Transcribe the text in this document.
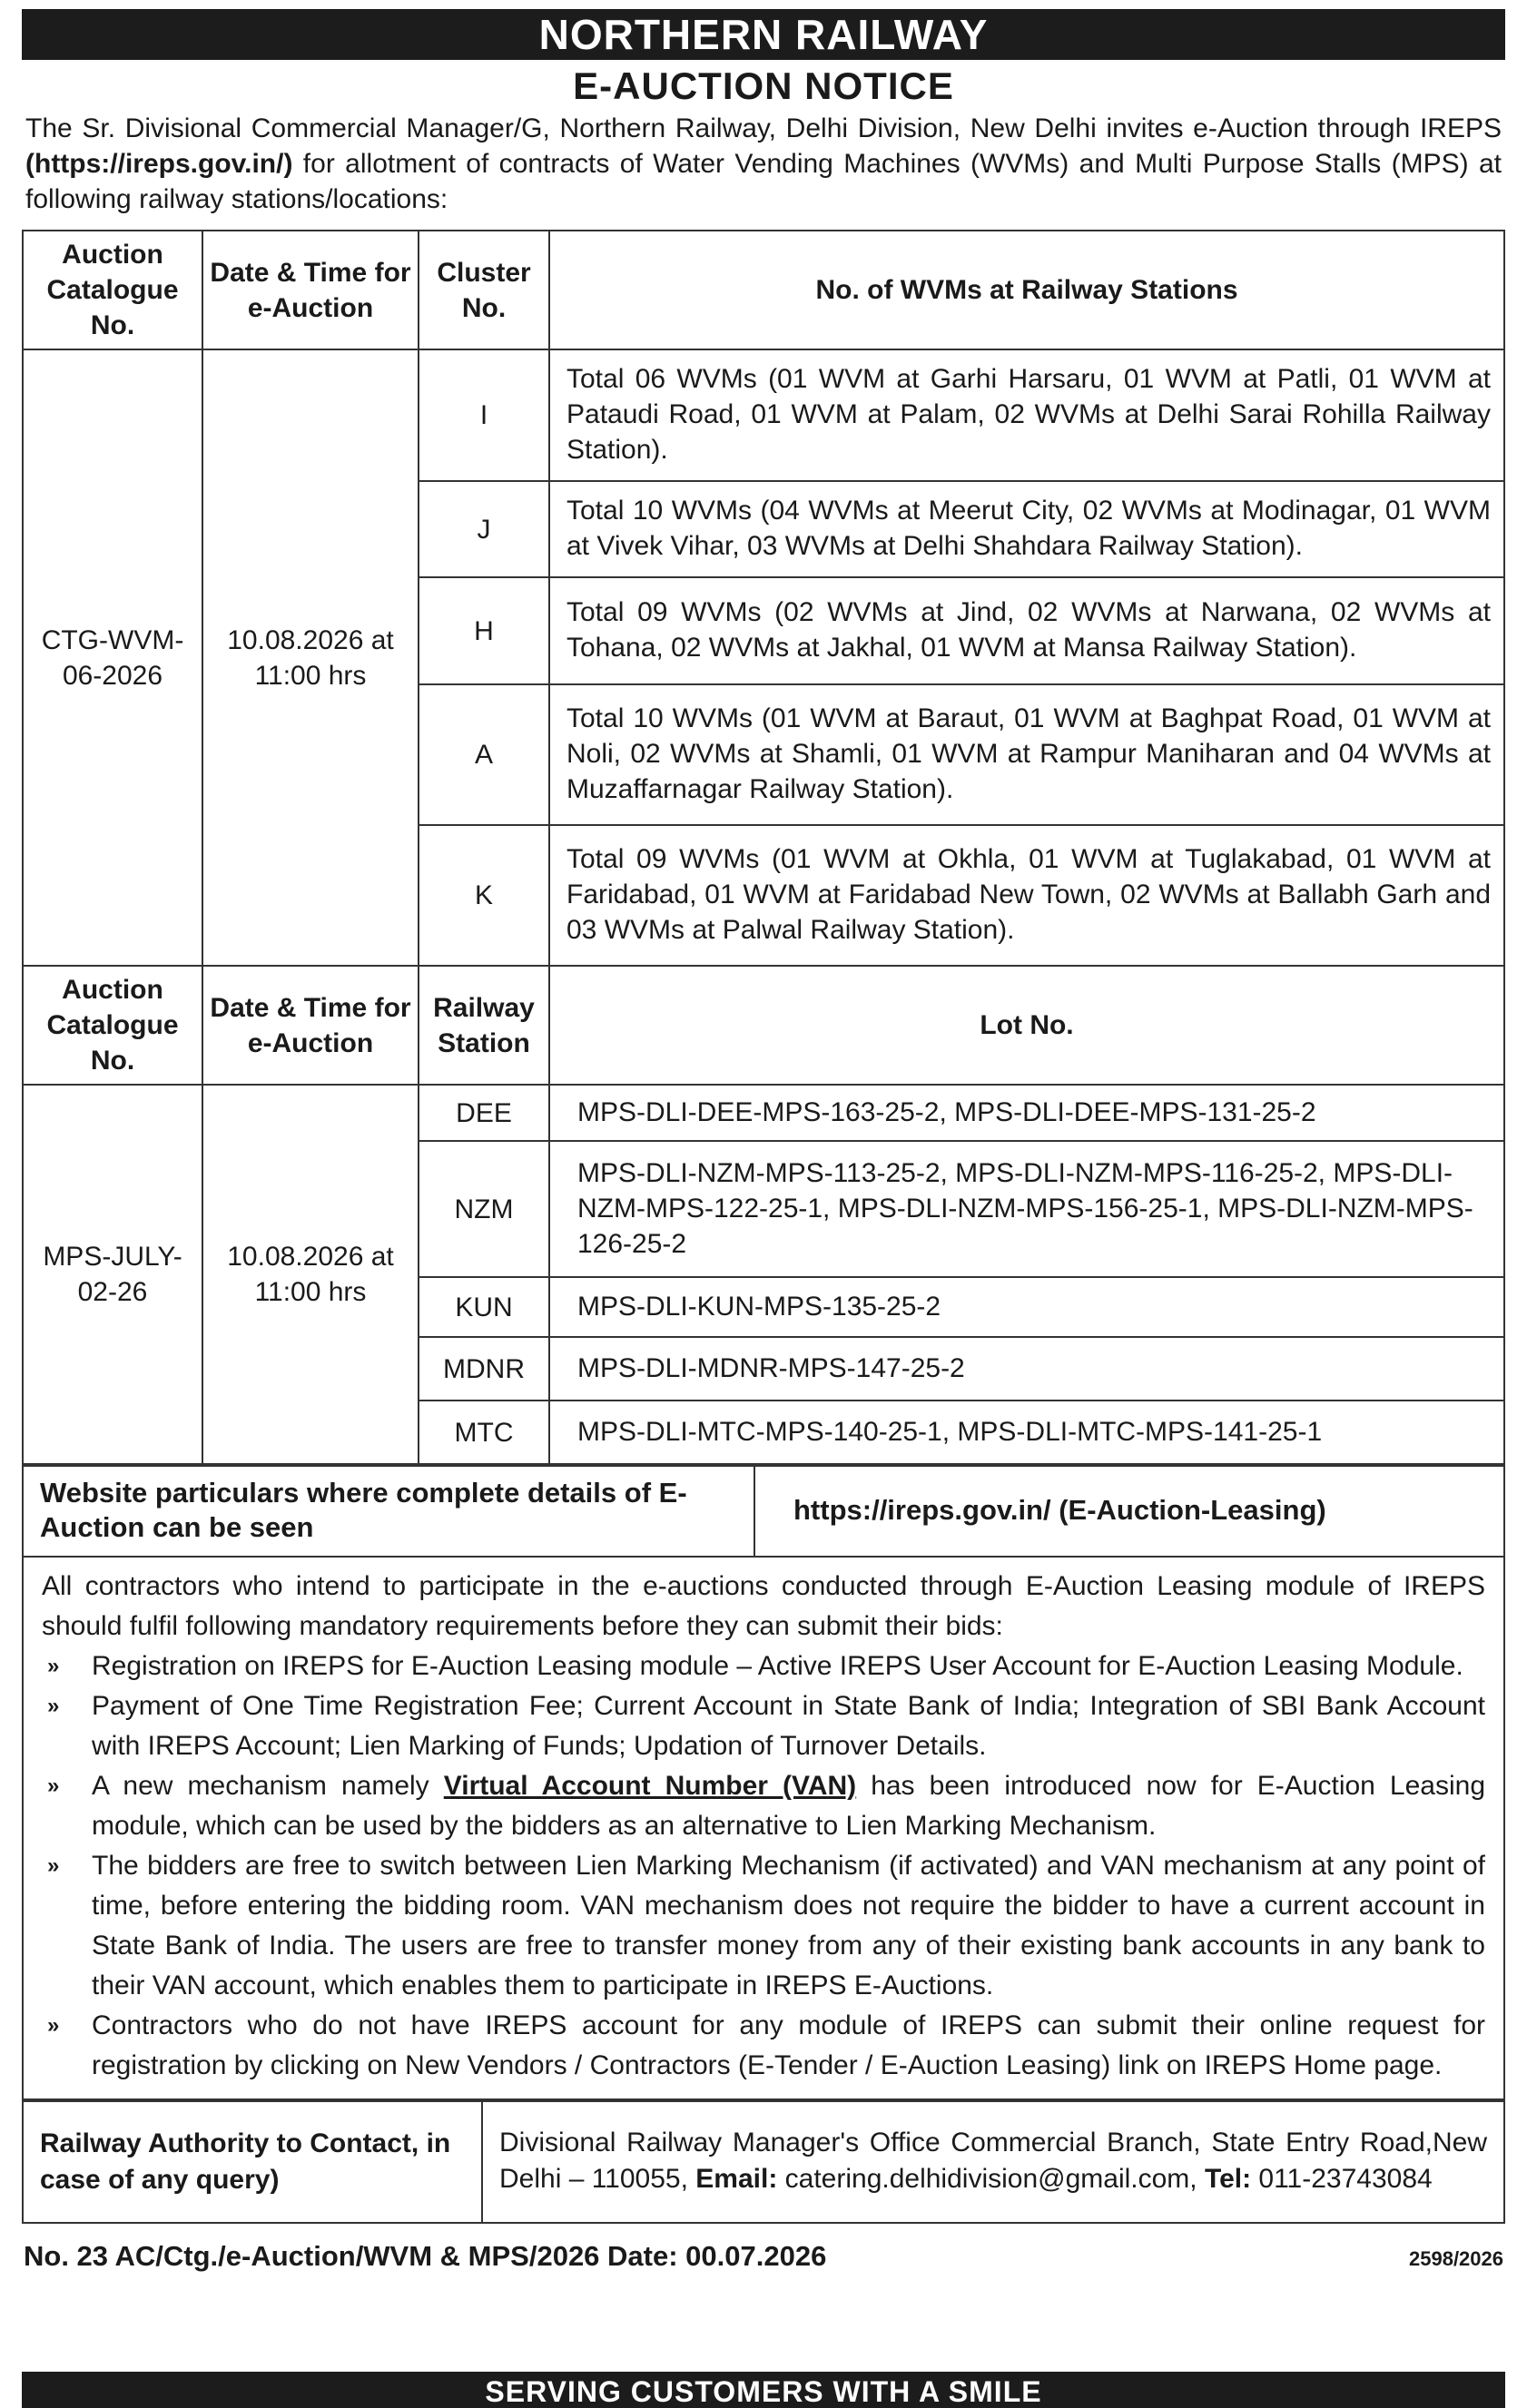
NORTHERN RAILWAY
E-AUCTION NOTICE

The Sr. Divisional Commercial Manager/G, Northern Railway, Delhi Division, New Delhi invites e-Auction through IREPS (https://ireps.gov.in/) for allotment of contracts of Water Vending Machines (WVMs) and Multi Purpose Stalls (MPS) at following railway stations/locations:

Auction Catalogue No.	Date & Time for e-Auction	Cluster No.	No. of WVMs at Railway Stations
CTG-WVM-06-2026	10.08.2026 at 11:00 hrs	I	Total 06 WVMs (01 WVM at Garhi Harsaru, 01 WVM at Patli, 01 WVM at Pataudi Road, 01 WVM at Palam, 02 WVMs at Delhi Sarai Rohilla Railway Station).
		J	Total 10 WVMs (04 WVMs at Meerut City, 02 WVMs at Modinagar, 01 WVM at Vivek Vihar, 03 WVMs at Delhi Shahdara Railway Station).
		H	Total 09 WVMs (02 WVMs at Jind, 02 WVMs at Narwana, 02 WVMs at Tohana, 02 WVMs at Jakhal, 01 WVM at Mansa Railway Station).
		A	Total 10 WVMs (01 WVM at Baraut, 01 WVM at Baghpat Road, 01 WVM at Noli, 02 WVMs at Shamli, 01 WVM at Rampur Maniharan and 04 WVMs at Muzaffarnagar Railway Station).
		K	Total 09 WVMs (01 WVM at Okhla, 01 WVM at Tuglakabad, 01 WVM at Faridabad, 01 WVM at Faridabad New Town, 02 WVMs at Ballabh Garh and 03 WVMs at Palwal Railway Station).
Auction Catalogue No.	Date & Time for e-Auction	Railway Station	Lot No.
MPS-JULY-02-26	10.08.2026 at 11:00 hrs	DEE	MPS-DLI-DEE-MPS-163-25-2, MPS-DLI-DEE-MPS-131-25-2
		NZM	MPS-DLI-NZM-MPS-113-25-2, MPS-DLI-NZM-MPS-116-25-2, MPS-DLI-NZM-MPS-122-25-1, MPS-DLI-NZM-MPS-156-25-1, MPS-DLI-NZM-MPS-126-25-2
		KUN	MPS-DLI-KUN-MPS-135-25-2
		MDNR	MPS-DLI-MDNR-MPS-147-25-2
		MTC	MPS-DLI-MTC-MPS-140-25-1, MPS-DLI-MTC-MPS-141-25-1
Website particulars where complete details of E-Auction can be seen	https://ireps.gov.in/ (E-Auction-Leasing)

All contractors who intend to participate in the e-auctions conducted through E-Auction Leasing module of IREPS should fulfil following mandatory requirements before they can submit their bids:

» Registration on IREPS for E-Auction Leasing module – Active IREPS User Account for E-Auction Leasing Module.
» Payment of One Time Registration Fee; Current Account in State Bank of India; Integration of SBI Bank Account with IREPS Account; Lien Marking of Funds; Updation of Turnover Details.
» A new mechanism namely Virtual Account Number (VAN) has been introduced now for E-Auction Leasing module, which can be used by the bidders as an alternative to Lien Marking Mechanism.
» The bidders are free to switch between Lien Marking Mechanism (if activated) and VAN mechanism at any point of time, before entering the bidding room. VAN mechanism does not require the bidder to have a current account in State Bank of India. The users are free to transfer money from any of their existing bank accounts in any bank to their VAN account, which enables them to participate in IREPS E-Auctions.
» Contractors who do not have IREPS account for any module of IREPS can submit their online request for registration by clicking on New Vendors / Contractors (E-Tender / E-Auction Leasing) link on IREPS Home page.
Railway Authority to Contact, in case of any query)	Divisional Railway Manager's Office Commercial Branch, State Entry Road,New Delhi – 110055, Email: catering.delhidivision@gmail.com, Tel: 011-23743084
No. 23 AC/Ctg./e-Auction/WVM & MPS/2026 Date: 00.07.2026	2598/2026
SERVING CUSTOMERS WITH A SMILE
